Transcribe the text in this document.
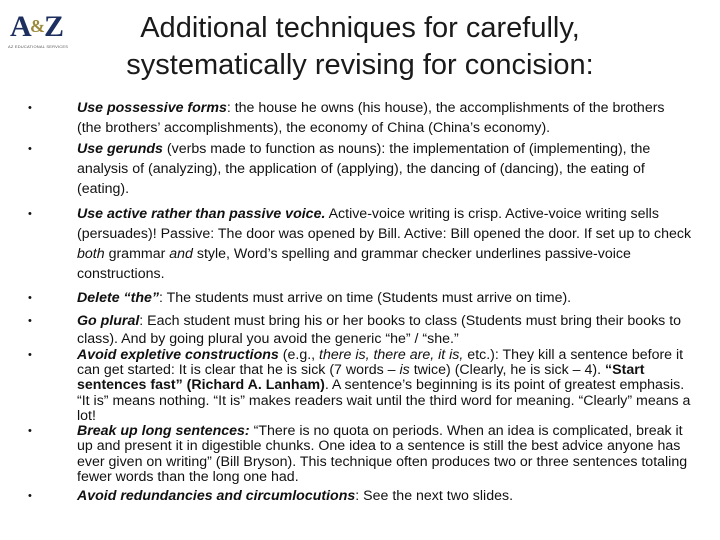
A
& Z
AZ EDUCATIONAL SERVICES
Additional techniques for carefully,
systematically revising for concision:
•	Use possessive forms: the house he owns (his house), the accomplishments of the brothers (the brothers’ accomplishments), the economy of China (China’s economy).
•	Use gerunds (verbs made to function as nouns): the implementation of (implementing), the analysis of (analyzing), the application of (applying), the dancing of (dancing), the eating of (eating).
•	Use active rather than passive voice. Active-voice writing is crisp. Active-voice writing sells (persuades)! Passive: The door was opened by Bill. Active: Bill opened the door. If set up to check both grammar and style, Word’s spelling and grammar checker underlines passive-voice constructions.
•	Delete “the”: The students must arrive on time (Students must arrive on time).
•	Go plural: Each student must bring his or her books to class (Students must bring their books to class). And by going plural you avoid the generic “he” / “she.”
•	Avoid expletive constructions (e.g., there is, there are, it is, etc.): They kill a sentence before it can get started: It is clear that he is sick (7 words – is twice) (Clearly, he is sick – 4). “Start sentences fast” (Richard A. Lanham). A sentence’s beginning is its point of greatest emphasis. “It is” means nothing. “It is” makes readers wait until the third word for meaning. “Clearly” means a lot!
•	Break up long sentences: “There is no quota on periods. When an idea is complicated, break it up and present it in digestible chunks. One idea to a sentence is still the best advice anyone has ever given on writing” (Bill Bryson). This technique often produces two or three sentences totaling fewer words than the long one had.
•	Avoid redundancies and circumlocutions: See the next two slides.
